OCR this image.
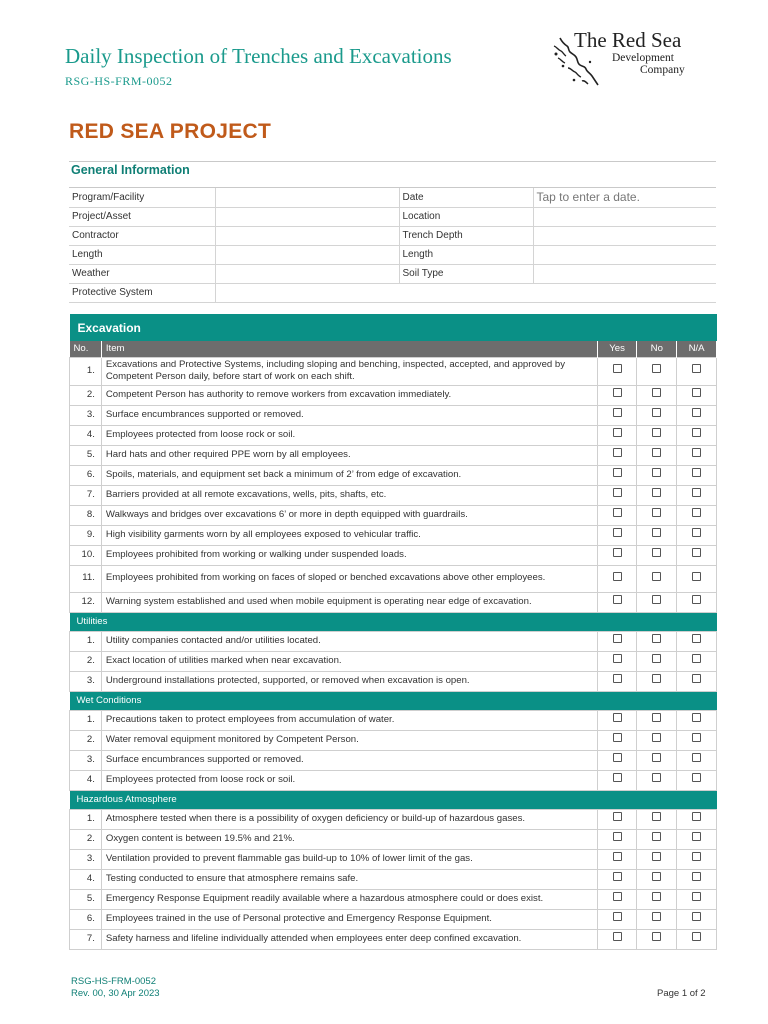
Daily Inspection of Trenches and Excavations
RSG-HS-FRM-0052
The Red Sea
Development
Company
RED SEA PROJECT
General Information
Program/Facility		Date	Tap to enter a date.
Project/Asset		Location	
Contractor		Trench Depth	
Length		Length	
Weather		Soil Type	
Protective System			
Excavation				
No.	Item	Yes	No	N/A
1.	Excavations and Protective Systems, including sloping and benching, inspected, accepted, and approved by Competent Person daily, before start of work on each shift.			
2.	Competent Person has authority to remove workers from excavation immediately.			
3.	Surface encumbrances supported or removed.			
4.	Employees protected from loose rock or soil.			
5.	Hard hats and other required PPE worn by all employees.			
6.	Spoils, materials, and equipment set back a minimum of 2’ from edge of excavation.			
7.	Barriers provided at all remote excavations, wells, pits, shafts, etc.			
8.	Walkways and bridges over excavations 6’ or more in depth equipped with guardrails.			
9.	High visibility garments worn by all employees exposed to vehicular traffic.			
10.	Employees prohibited from working or walking under suspended loads.			
11.	Employees prohibited from working on faces of sloped or benched excavations above other employees.			
12.	Warning system established and used when mobile equipment is operating near edge of excavation.			
Utilities				
1.	Utility companies contacted and/or utilities located.			
2.	Exact location of utilities marked when near excavation.			
3.	Underground installations protected, supported, or removed when excavation is open.			
Wet Conditions				
1.	Precautions taken to protect employees from accumulation of water.			
2.	Water removal equipment monitored by Competent Person.			
3.	Surface encumbrances supported or removed.			
4.	Employees protected from loose rock or soil.			
Hazardous Atmosphere				
1.	Atmosphere tested when there is a possibility of oxygen deficiency or build-up of hazardous gases.			
2.	Oxygen content is between 19.5% and 21%.			
3.	Ventilation provided to prevent flammable gas build-up to 10% of lower limit of the gas.			
4.	Testing conducted to ensure that atmosphere remains safe.			
5.	Emergency Response Equipment readily available where a hazardous atmosphere could or does exist.			
6.	Employees trained in the use of Personal protective and Emergency Response Equipment.			
7.	Safety harness and lifeline individually attended when employees enter deep confined excavation.			
RSG-HS-FRM-0052
Rev. 00, 30 Apr 2023	Page 1 of 2
